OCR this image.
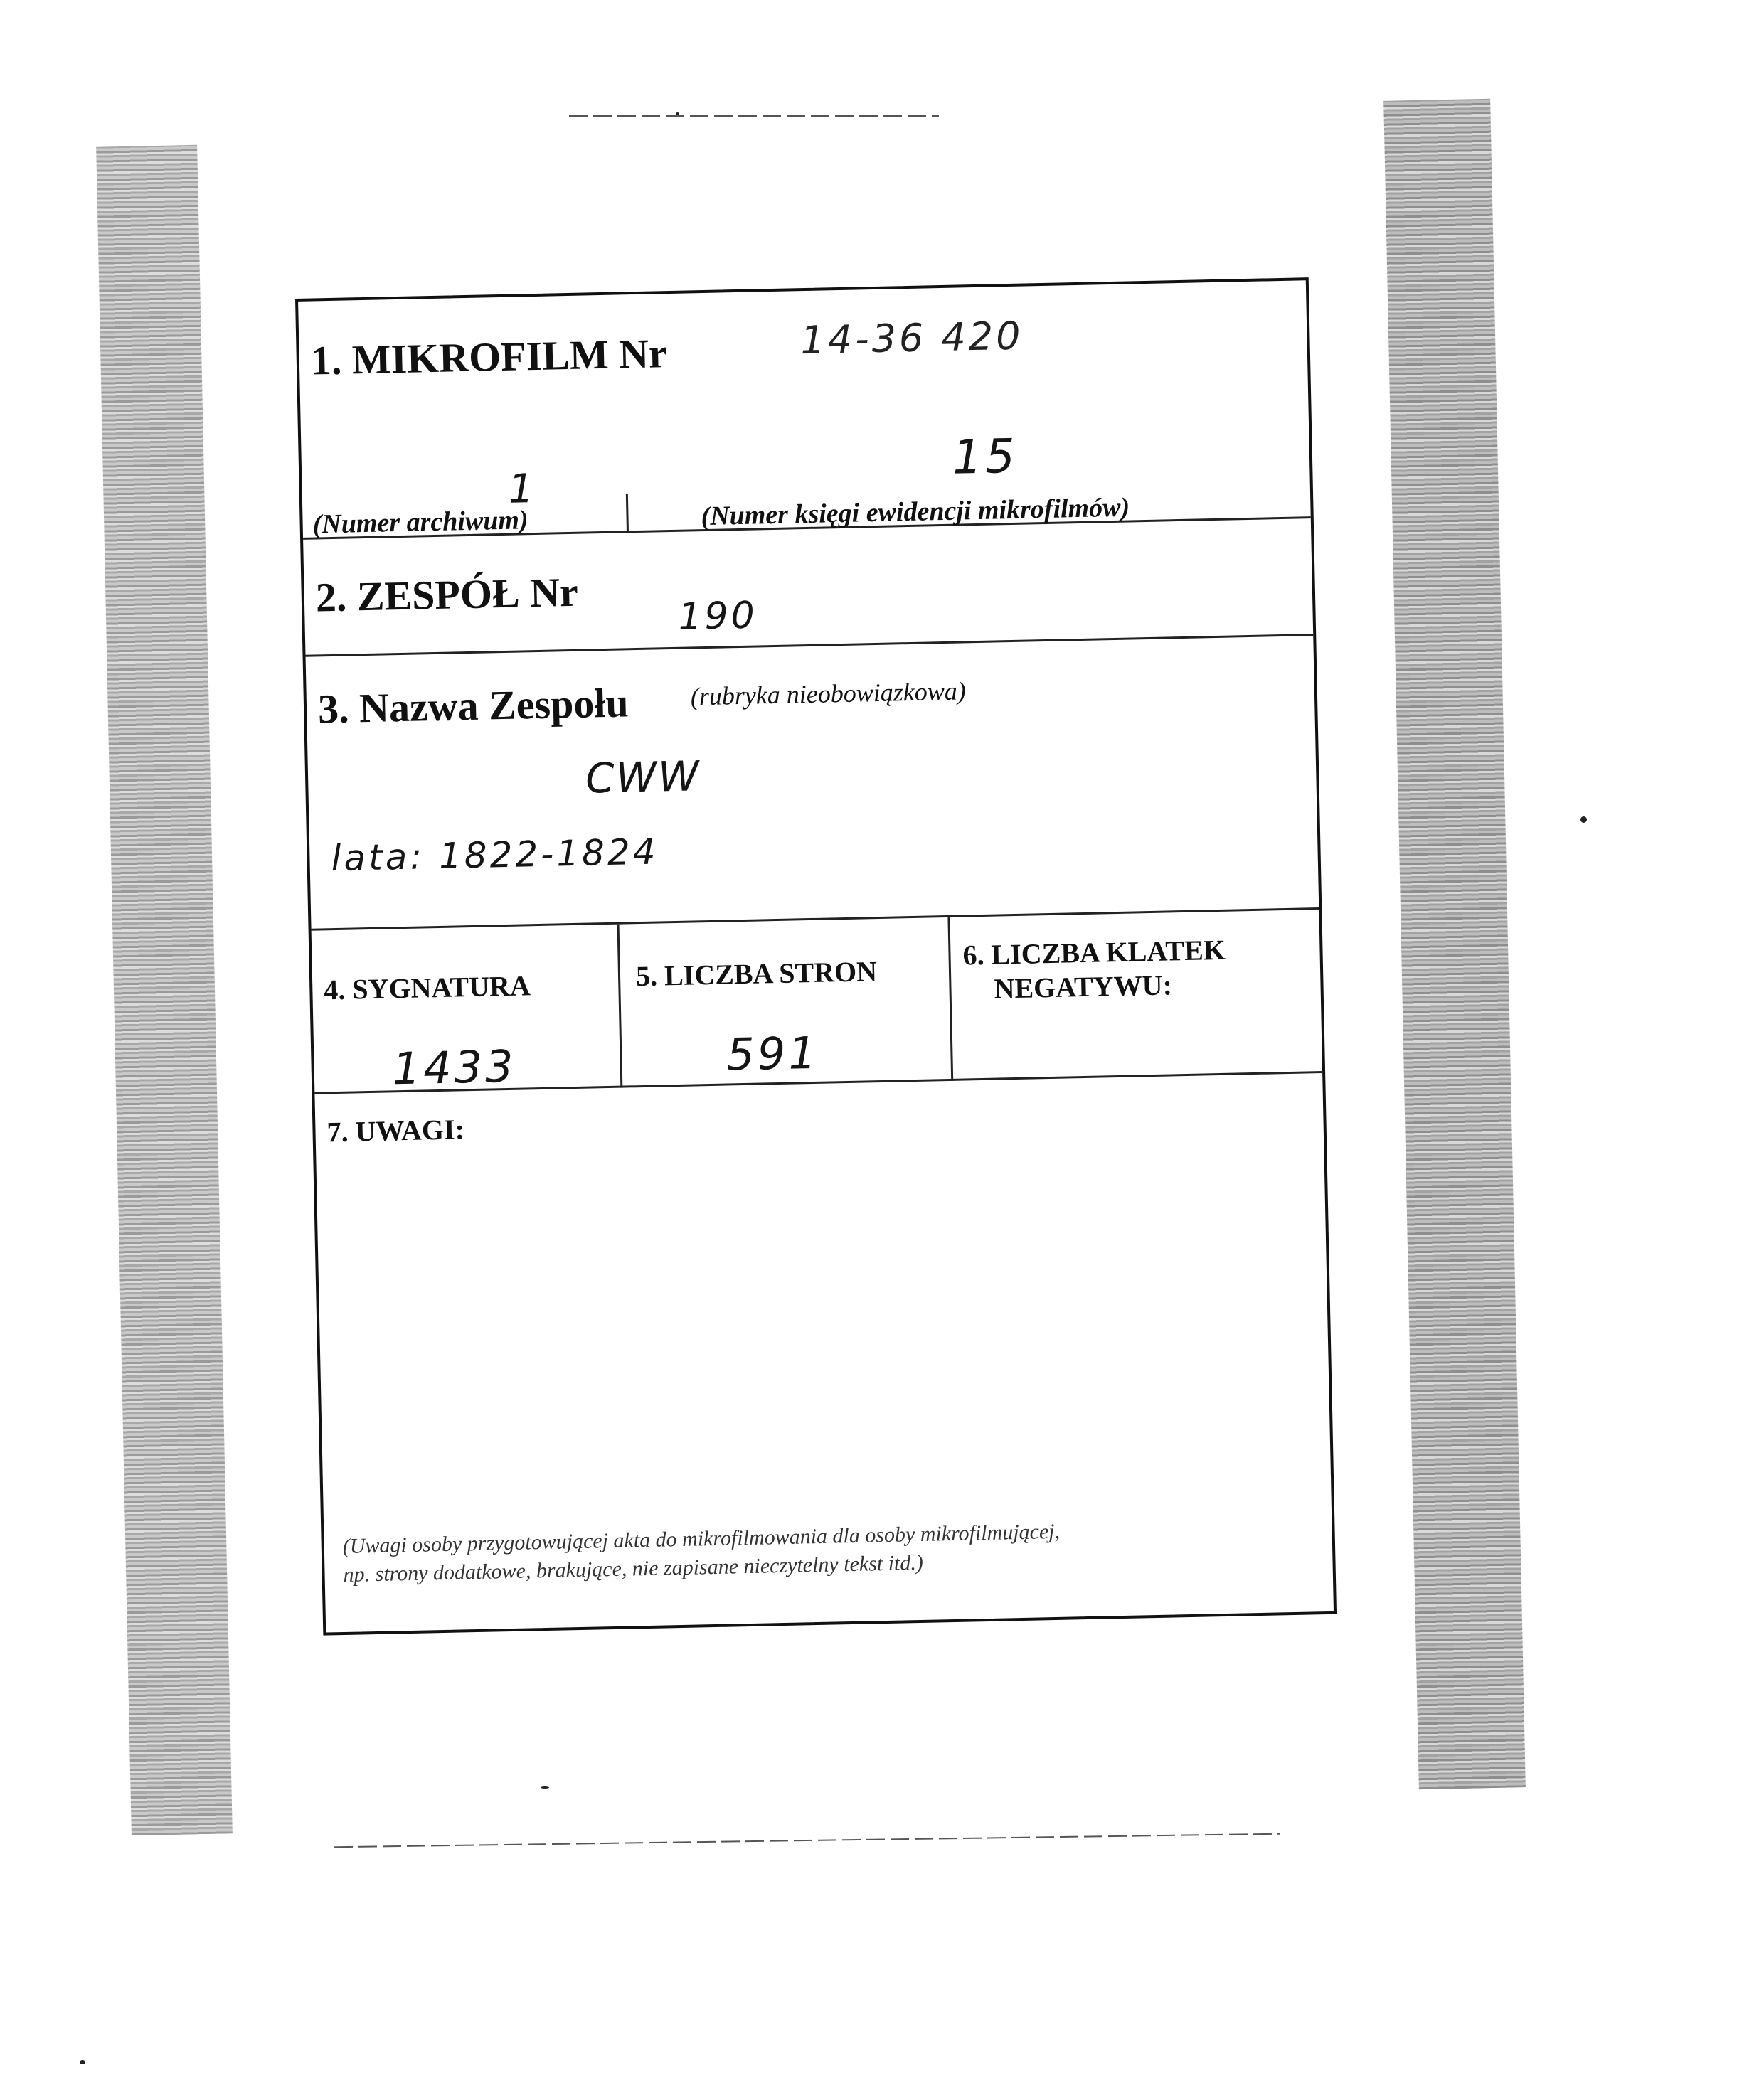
1. MIKROFILM Nr	14-36 420
1
15
(Numer archiwum)	(Numer księgi ewidencji mikrofilmów)
2. ZESPÓŁ Nr	190
3. Nazwa Zespołu (rubryka nieobowiązkowa)
CWW
lata: 1822-1824
4. SYGNATURA
1433
5. LICZBA STRON
591
6. LICZBA KLATEK
NEGATYWU:
7. UWAGI:
(Uwagi osoby przygotowującej akta do mikrofilmowania dla osoby mikrofilmującej,
np. strony dodatkowe, brakujące, nie zapisane nieczytelny tekst itd.)
